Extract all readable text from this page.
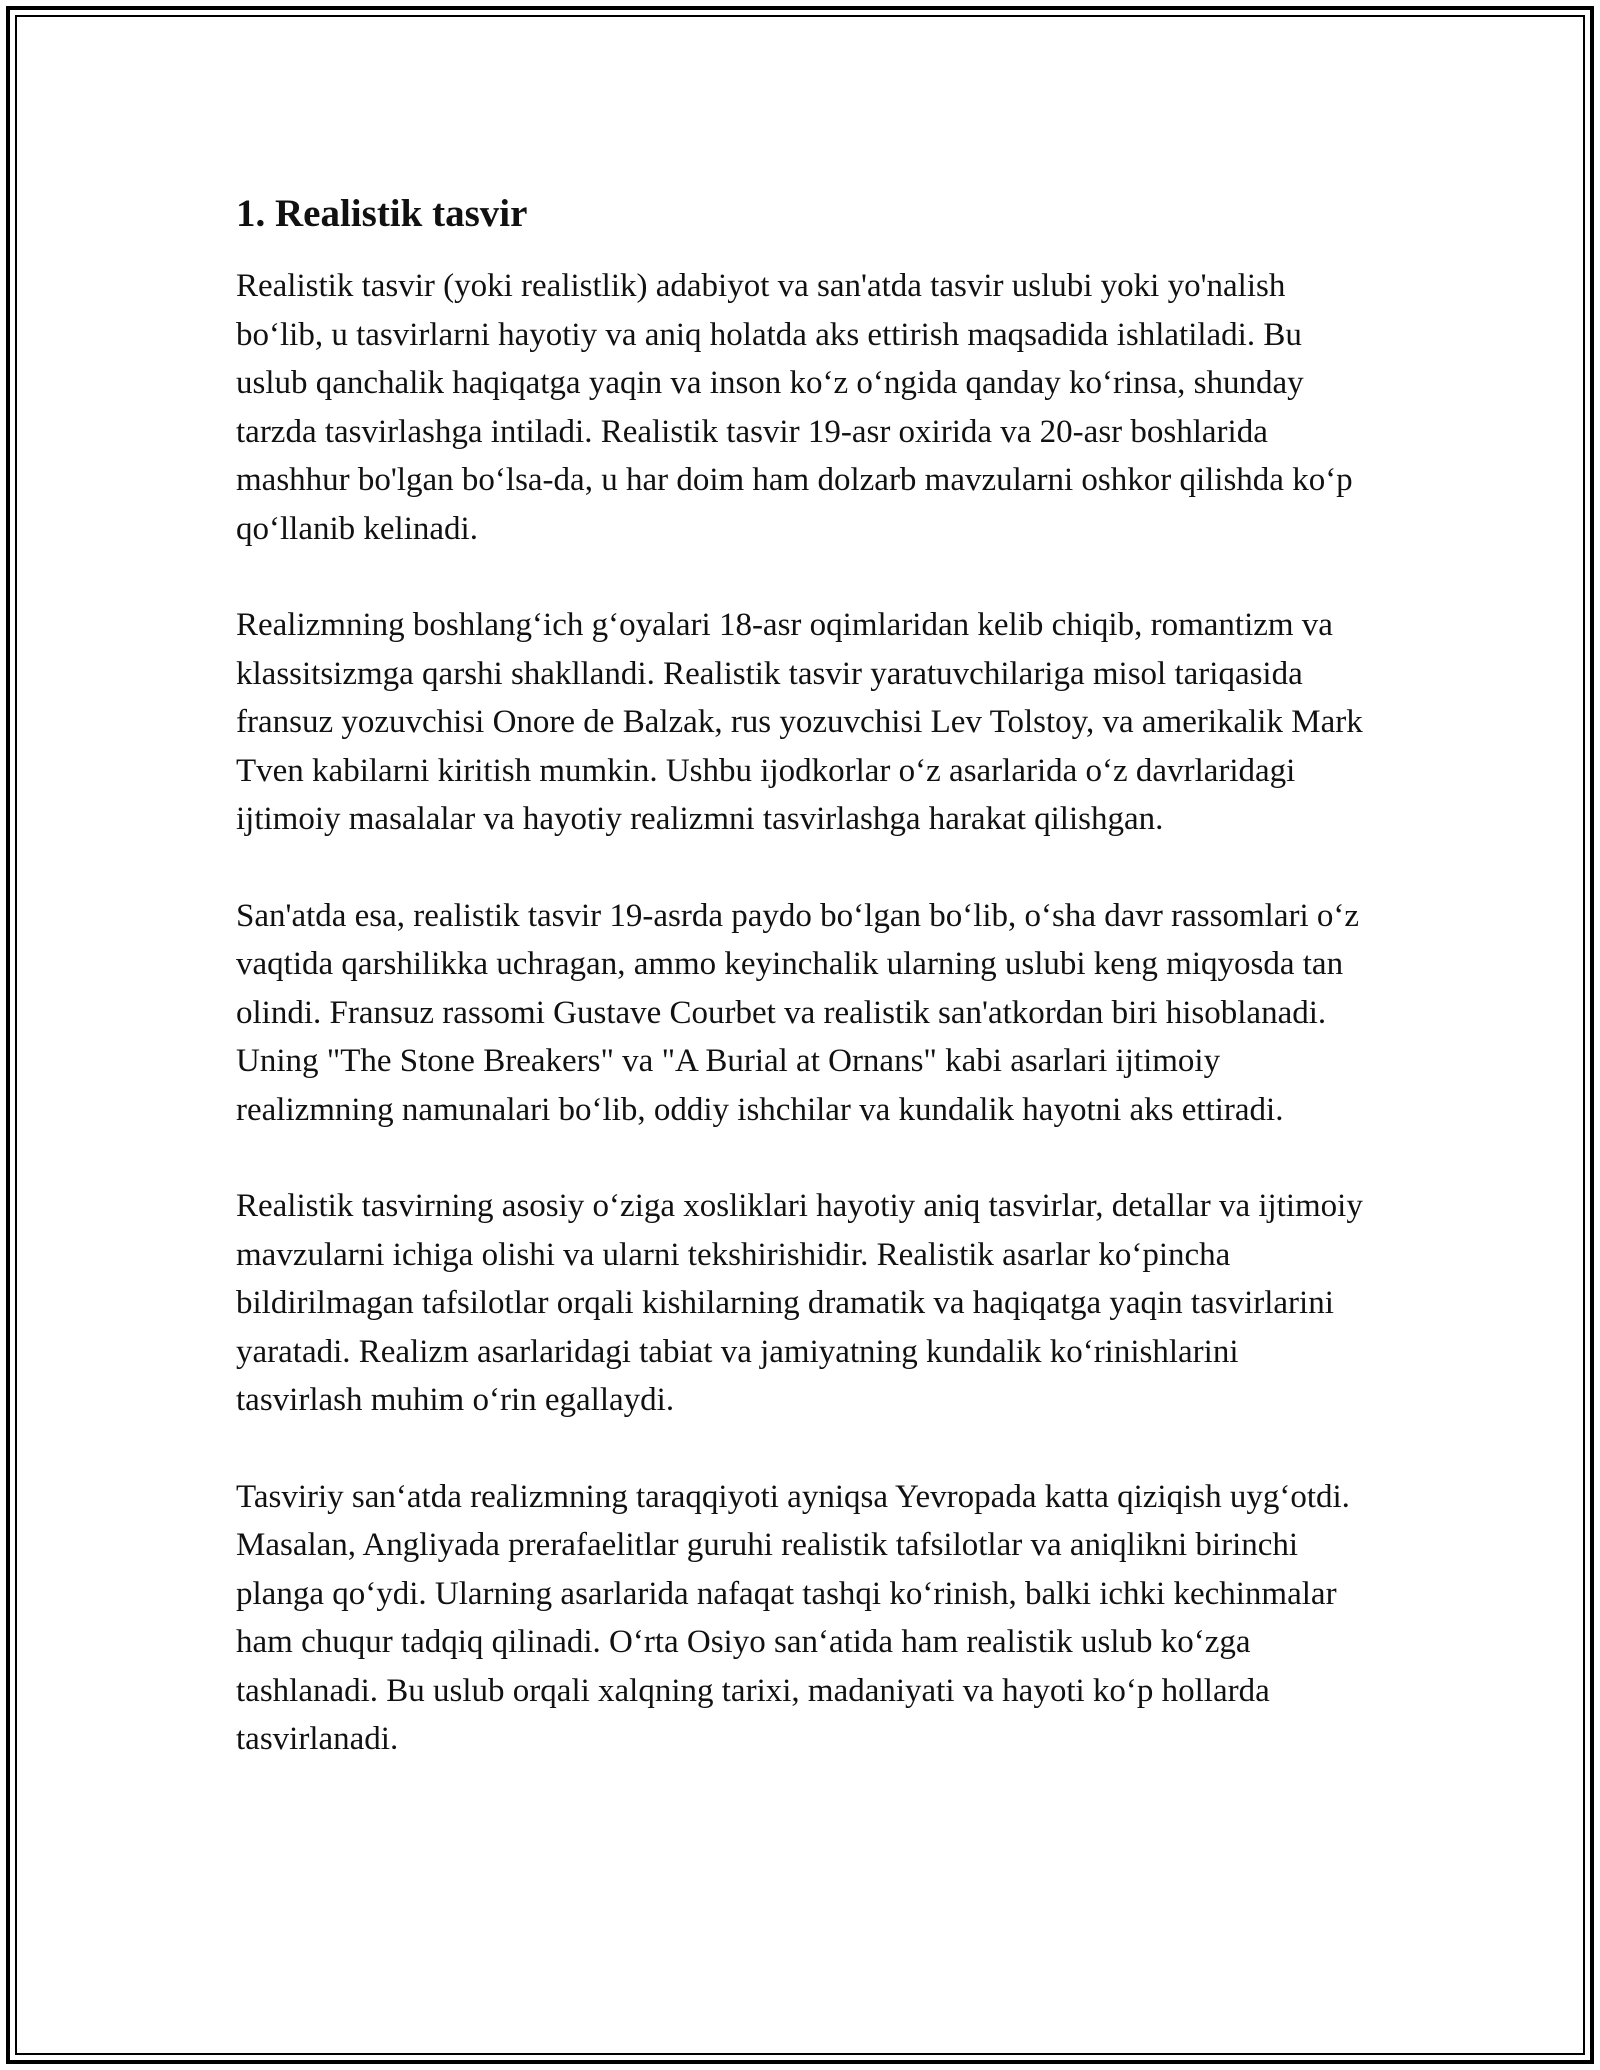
1. Realistik tasvir

Realistik tasvir (yoki realistlik) adabiyot va san'atda tasvir uslubi yoki yo'nalish bo‘lib, u tasvirlarni hayotiy va aniq holatda aks ettirish maqsadida ishlatiladi. Bu uslub qanchalik haqiqatga yaqin va inson ko‘z o‘ngida qanday ko‘rinsa, shunday tarzda tasvirlashga intiladi. Realistik tasvir 19-asr oxirida va 20-asr boshlarida mashhur bo'lgan bo‘lsa-da, u har doim ham dolzarb mavzularni oshkor qilishda ko‘p qo‘llanib kelinadi.

Realizmning boshlang‘ich g‘oyalari 18-asr oqimlaridan kelib chiqib, romantizm va klassitsizmga qarshi shakllandi. Realistik tasvir yaratuvchilariga misol tariqasida fransuz yozuvchisi Onore de Balzak, rus yozuvchisi Lev Tolstoy, va amerikalik Mark Tven kabilarni kiritish mumkin. Ushbu ijodkorlar o‘z asarlarida o‘z davrlaridagi ijtimoiy masalalar va hayotiy realizmni tasvirlashga harakat qilishgan.

San'atda esa, realistik tasvir 19-asrda paydo bo‘lgan bo‘lib, o‘sha davr rassomlari o‘z vaqtida qarshilikka uchragan, ammo keyinchalik ularning uslubi keng miqyosda tan olindi. Fransuz rassomi Gustave Courbet va realistik san'atkordan biri hisoblanadi. Uning "The Stone Breakers" va "A Burial at Ornans" kabi asarlari ijtimoiy realizmning namunalari bo‘lib, oddiy ishchilar va kundalik hayotni aks ettiradi.

Realistik tasvirning asosiy o‘ziga xosliklari hayotiy aniq tasvirlar, detallar va ijtimoiy mavzularni ichiga olishi va ularni tekshirishidir. Realistik asarlar ko‘pincha bildirilmagan tafsilotlar orqali kishilarning dramatik va haqiqatga yaqin tasvirlarini yaratadi. Realizm asarlaridagi tabiat va jamiyatning kundalik ko‘rinishlarini tasvirlash muhim o‘rin egallaydi.

Tasviriy san‘atda realizmning taraqqiyoti ayniqsa Yevropada katta qiziqish uyg‘otdi. Masalan, Angliyada prerafaelitlar guruhi realistik tafsilotlar va aniqlikni birinchi planga qo‘ydi. Ularning asarlarida nafaqat tashqi ko‘rinish, balki ichki kechinmalar ham chuqur tadqiq qilinadi. O‘rta Osiyo san‘atida ham realistik uslub ko‘zga tashlanadi. Bu uslub orqali xalqning tarixi, madaniyati va hayoti ko‘p hollarda tasvirlanadi.
